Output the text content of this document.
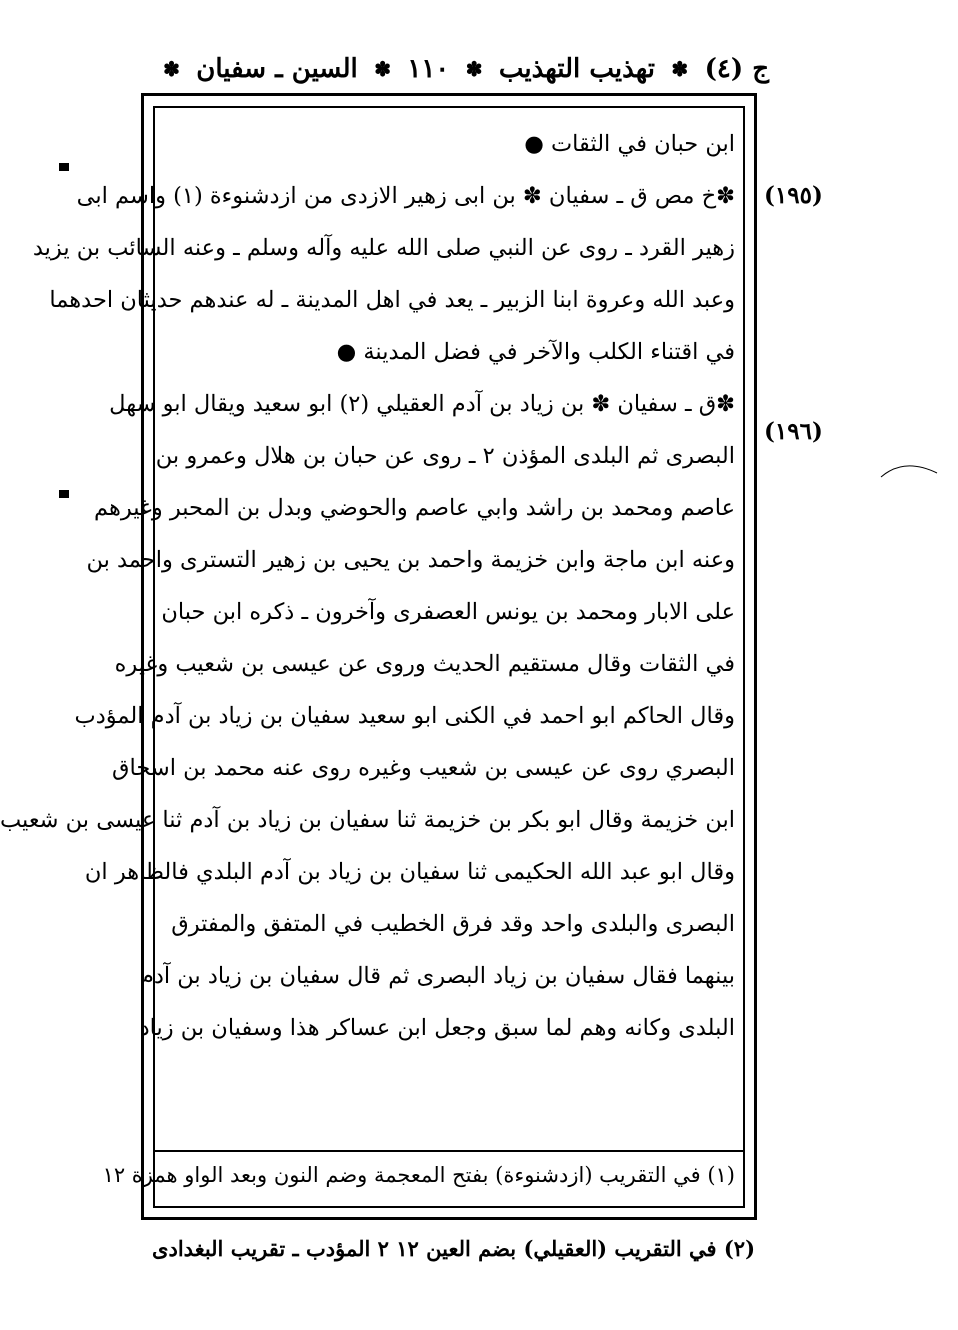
ج (٤)
✽
تهذيب التهذيب
✽
١١٠
✽
السين ـ سفيان
✽
(١٩٥)
(١٩٦)
ابن حبان في الثقات ●
✽خ مص ق ـ سفيان ✽ بن ابى زهير الازدى من ازدشنوءة (١) واسم ابى
زهير القرد ـ روى عن النبي صلى الله عليه وآله وسلم ـ وعنه السائب بن يزيد
وعبد الله وعروة ابنا الزبير ـ يعد في اهل المدينة ـ له عندهم حديثان احدهما
في اقتناء الكلب والآخر في فضل المدينة ●
✽ق ـ سفيان ✽ بن زياد بن آدم العقيلي (٢) ابو سعيد ويقال ابو سهل
البصرى ثم البلدى المؤذن ٢ ـ روى عن حبان بن هلال وعمرو بن
عاصم ومحمد بن راشد وابي عاصم والحوضي وبدل بن المحبر وغيرهم
وعنه ابن ماجة وابن خزيمة واحمد بن يحيى بن زهير التسترى واحمد بن
على الابار ومحمد بن يونس العصفرى وآخرون ـ ذكره ابن حبان
في الثقات وقال مستقيم الحديث وروى عن عيسى بن شعيب وغيره
وقال الحاكم ابو احمد في الكنى ابو سعيد سفيان بن زياد بن آدم المؤدب
البصري روى عن عيسى بن شعيب وغيره روى عنه محمد بن اسحاق
ابن خزيمة وقال ابو بكر بن خزيمة ثنا سفيان بن زياد بن آدم ثنا عيسى بن شعيب
وقال ابو عبد الله الحكيمى ثنا سفيان بن زياد بن آدم البلدي فالظاهر ان
البصرى والبلدى واحد وقد فرق الخطيب في المتفق والمفترق
بينهما فقال سفيان بن زياد البصرى ثم قال سفيان بن زياد بن آدم
البلدى وكانه وهم لما سبق وجعل ابن عساكر هذا وسفيان بن زياد
(١) في التقريب (ازدشنوءة) بفتح المعجمة وضم النون وبعد الواو همزة ١٢
(٢) في التقريب (العقيلي) بضم العين ١٢ ٢ المؤدب ـ تقريب البغدادى
